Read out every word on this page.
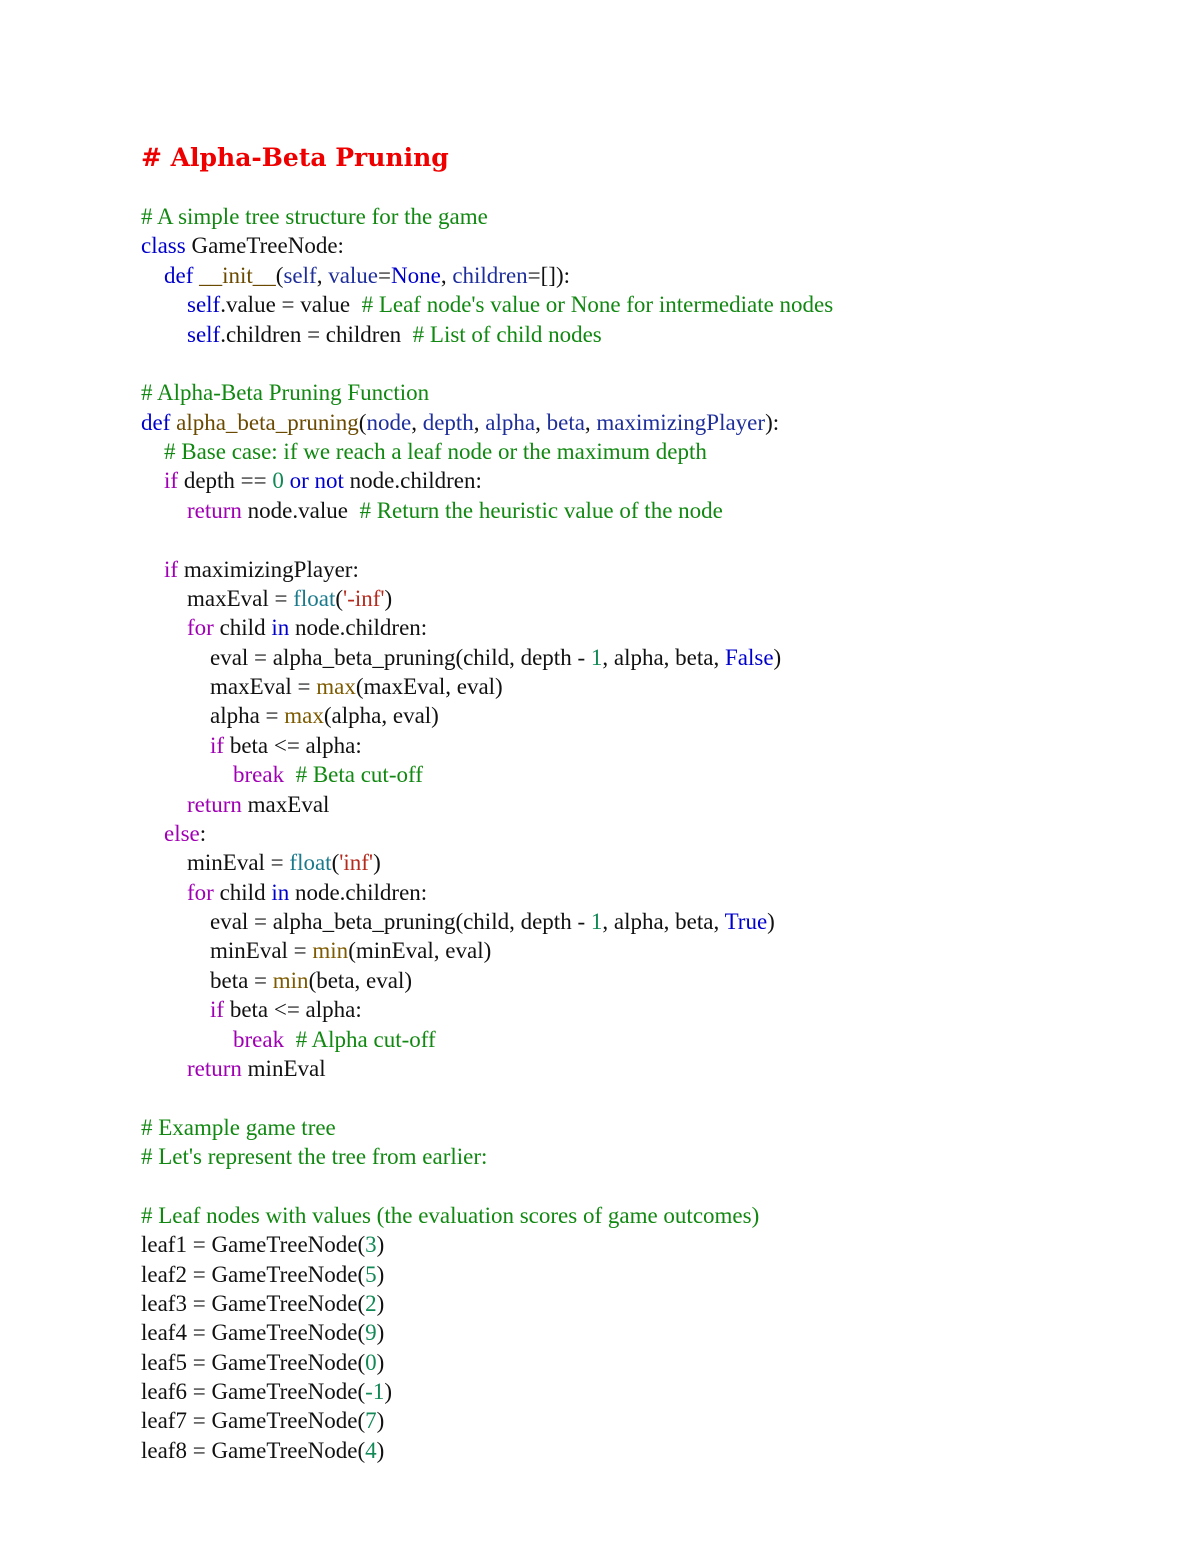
# Alpha-Beta Pruning
# A simple tree structure for the game
class GameTreeNode:
def __init__(self, value=None, children=[]):
self.value = value  # Leaf node's value or None for intermediate nodes
self.children = children  # List of child nodes

# Alpha-Beta Pruning Function
def alpha_beta_pruning(node, depth, alpha, beta, maximizingPlayer):
# Base case: if we reach a leaf node or the maximum depth
if depth == 0 or not node.children:
return node.value  # Return the heuristic value of the node

if maximizingPlayer:
maxEval = float('-inf')
for child in node.children:
eval = alpha_beta_pruning(child, depth - 1, alpha, beta, False)
maxEval = max(maxEval, eval)
alpha = max(alpha, eval)
if beta <= alpha:
break # Beta cut-off
return maxEval
else:
minEval = float('inf')
for child in node.children:
eval = alpha_beta_pruning(child, depth - 1, alpha, beta, True)
minEval = min(minEval, eval)
beta = min(beta, eval)
if beta <= alpha:
break # Alpha cut-off
return minEval

# Example game tree
# Let's represent the tree from earlier:

# Leaf nodes with values (the evaluation scores of game outcomes)
leaf1 = GameTreeNode(3)
leaf2 = GameTreeNode(5)
leaf3 = GameTreeNode(2)
leaf4 = GameTreeNode(9)
leaf5 = GameTreeNode(0)
leaf6 = GameTreeNode(-1)
leaf7 = GameTreeNode(7)
leaf8 = GameTreeNode(4)
